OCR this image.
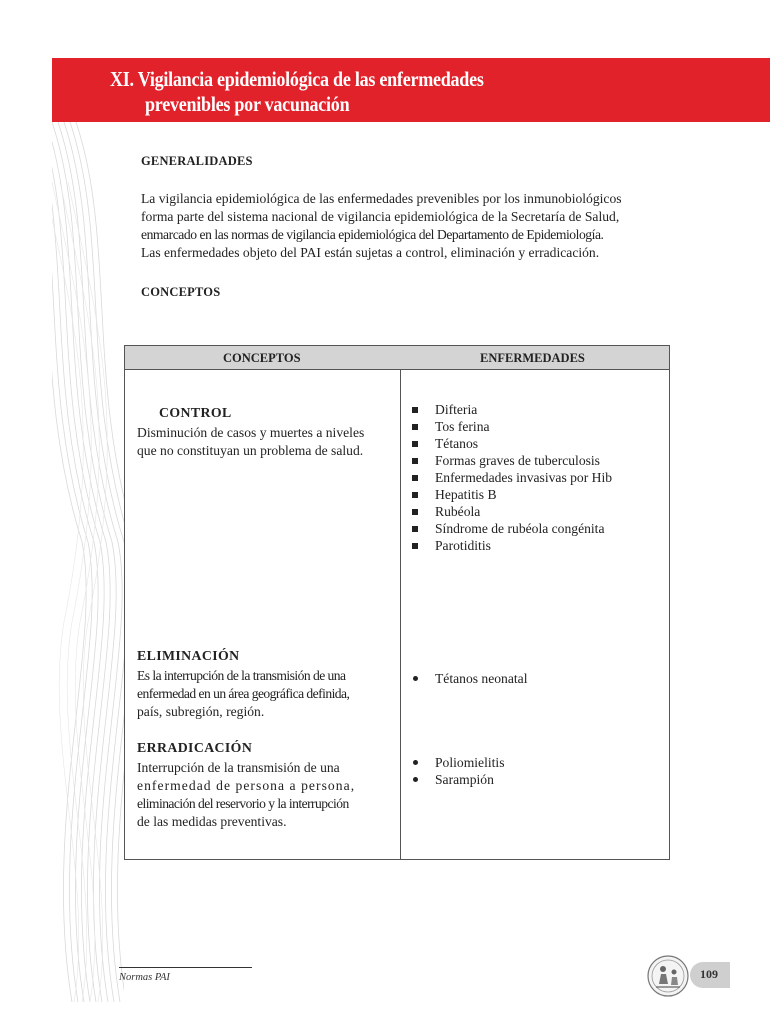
XI. Vigilancia epidemiológica de las enfermedades
prevenibles por vacunación
GENERALIDADES
La vigilancia epidemiológica de las enfermedades prevenibles por los inmunobiológicos
forma parte del sistema nacional de vigilancia epidemiológica de la Secretaría de Salud,
enmarcado en las normas de vigilancia epidemiológica del Departamento de Epidemiología.
Las enfermedades objeto del PAI están sujetas a control, eliminación y erradicación.
CONCEPTOS
CONCEPTOS	ENFERMEDADES
CONTROL
Disminución de casos y muertes a niveles
que no constituyan un problema de salud.
Difteria
Tos ferina
Tétanos
Formas graves de tuberculosis
Enfermedades invasivas por Hib
Hepatitis B
Rubéola
Síndrome de rubéola congénita
Parotiditis
ELIMINACIÓN
Es la interrupción de la transmisión de una
enfermedad en un área geográfica definida,
país, subregión, región.
Tétanos neonatal
ERRADICACIÓN
Interrupción de la transmisión de una
enfermedad de persona a persona,
eliminación del reservorio y la interrupción
de las medidas preventivas.
Poliomielitis
Sarampión
Normas PAI	109
